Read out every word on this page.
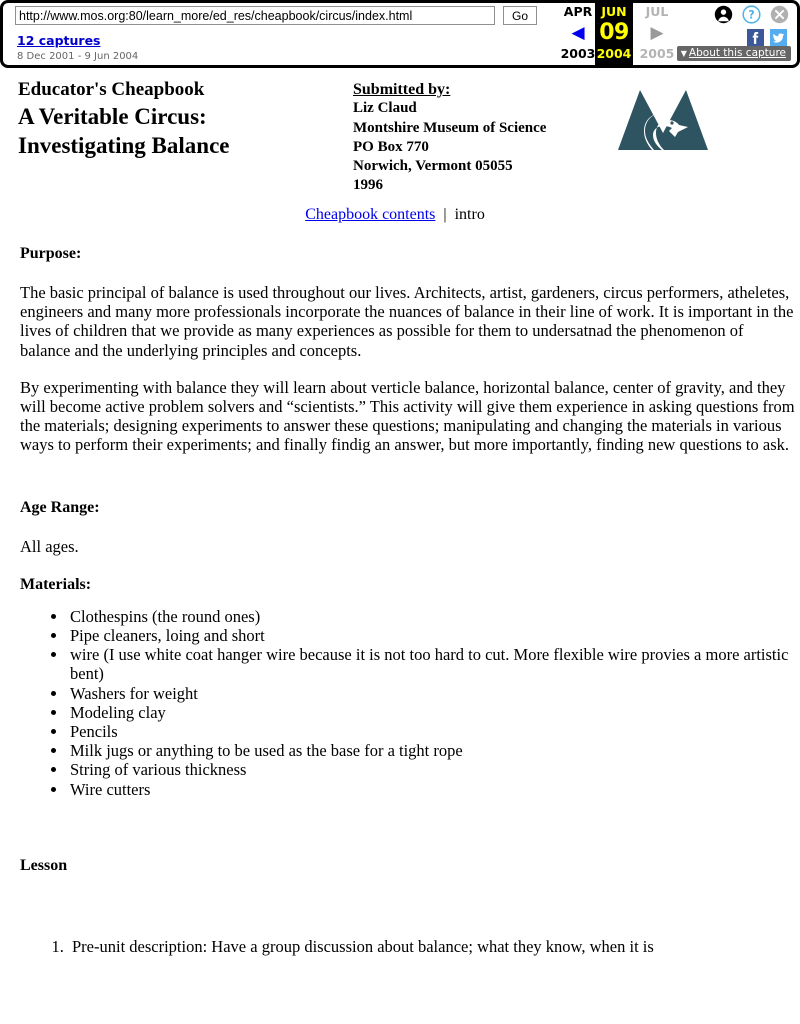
http://www.mos.org:80/learn_more/ed_res/cheapbook/circus/index.html
Go
12 captures
8 Dec 2001 - 9 Jun 2004
APR
◀
2003
JUN
09
2004
JUL
▶
2005
?
▼ About this capture
Educator's Cheapbook
A Veritable Circus:
Investigating Balance
Submitted by:
Liz Claud
Montshire Museum of Science
PO Box 770
Norwich, Vermont 05055
1996
Cheapbook contents | intro
Purpose:

The basic principal of balance is used throughout our lives. Architects, artist, gardeners, circus performers, atheletes, engineers and many more professionals incorporate the nuances of balance in their line of work. It is important in the lives of children that we provide as many experiences as possible for them to undersatnad the phenomenon of balance and the underlying principles and concepts.

By experimenting with balance they will learn about verticle balance, horizontal balance, center of gravity, and they will become active problem solvers and “scientists.” This activity will give them experience in asking questions from the materials; designing experiments to answer these questions; manipulating and changing the materials in various ways to perform their experiments; and finally findig an answer, but more importantly, finding new questions to ask.

Age Range:

All ages.

Materials:
• Clothespins (the round ones)
• Pipe cleaners, loing and short
• wire (I use white coat hanger wire because it is not too hard to cut. More flexible wire provies a more artistic bent)
• Washers for weight
• Modeling clay
• Pencils
• Milk jugs or anything to be used as the base for a tight rope
• String of various thickness
• Wire cutters
Lesson
1. Pre-unit description: Have a group discussion about balance; what they know, when it is
